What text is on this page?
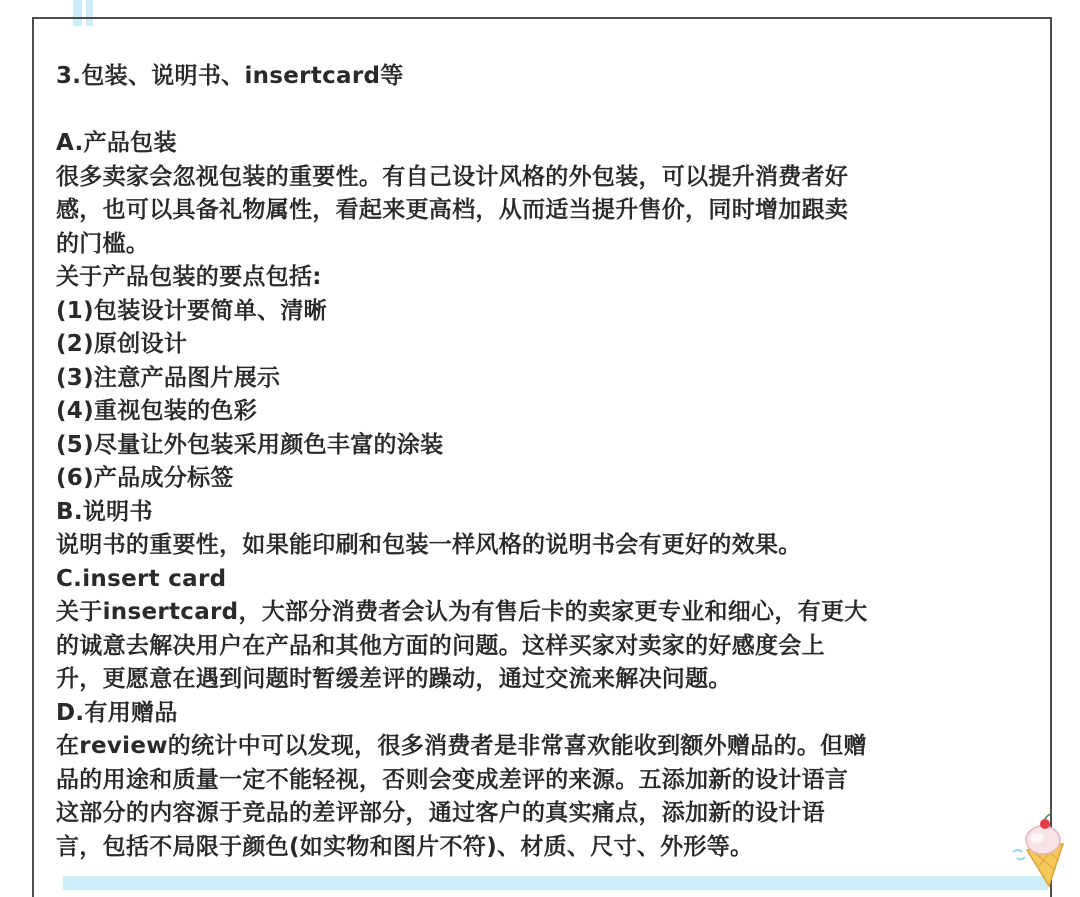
3.包装、说明书、insertcard等
A.产品包装
很多卖家会忽视包装的重要性。有自己设计风格的外包装，可以提升消费者好
感，也可以具备礼物属性，看起来更高档，从而适当提升售价，同时增加跟卖
的门槛。
关于产品包装的要点包括:
(1)包装设计要简单、清晰
(2)原创设计
(3)注意产品图片展示
(4)重视包装的色彩
(5)尽量让外包装采用颜色丰富的涂装
(6)产品成分标签
B.说明书
说明书的重要性，如果能印刷和包装一样风格的说明书会有更好的效果。
C.insert card
关于insertcard，大部分消费者会认为有售后卡的卖家更专业和细心，有更大
的诚意去解决用户在产品和其他方面的问题。这样买家对卖家的好感度会上
升，更愿意在遇到问题时暂缓差评的躁动，通过交流来解决问题。
D.有用赠品
在review的统计中可以发现，很多消费者是非常喜欢能收到额外赠品的。但赠
品的用途和质量一定不能轻视，否则会变成差评的来源。五添加新的设计语言
这部分的内容源于竞品的差评部分，通过客户的真实痛点，添加新的设计语
言，包括不局限于颜色(如实物和图片不符)、材质、尺寸、外形等。
